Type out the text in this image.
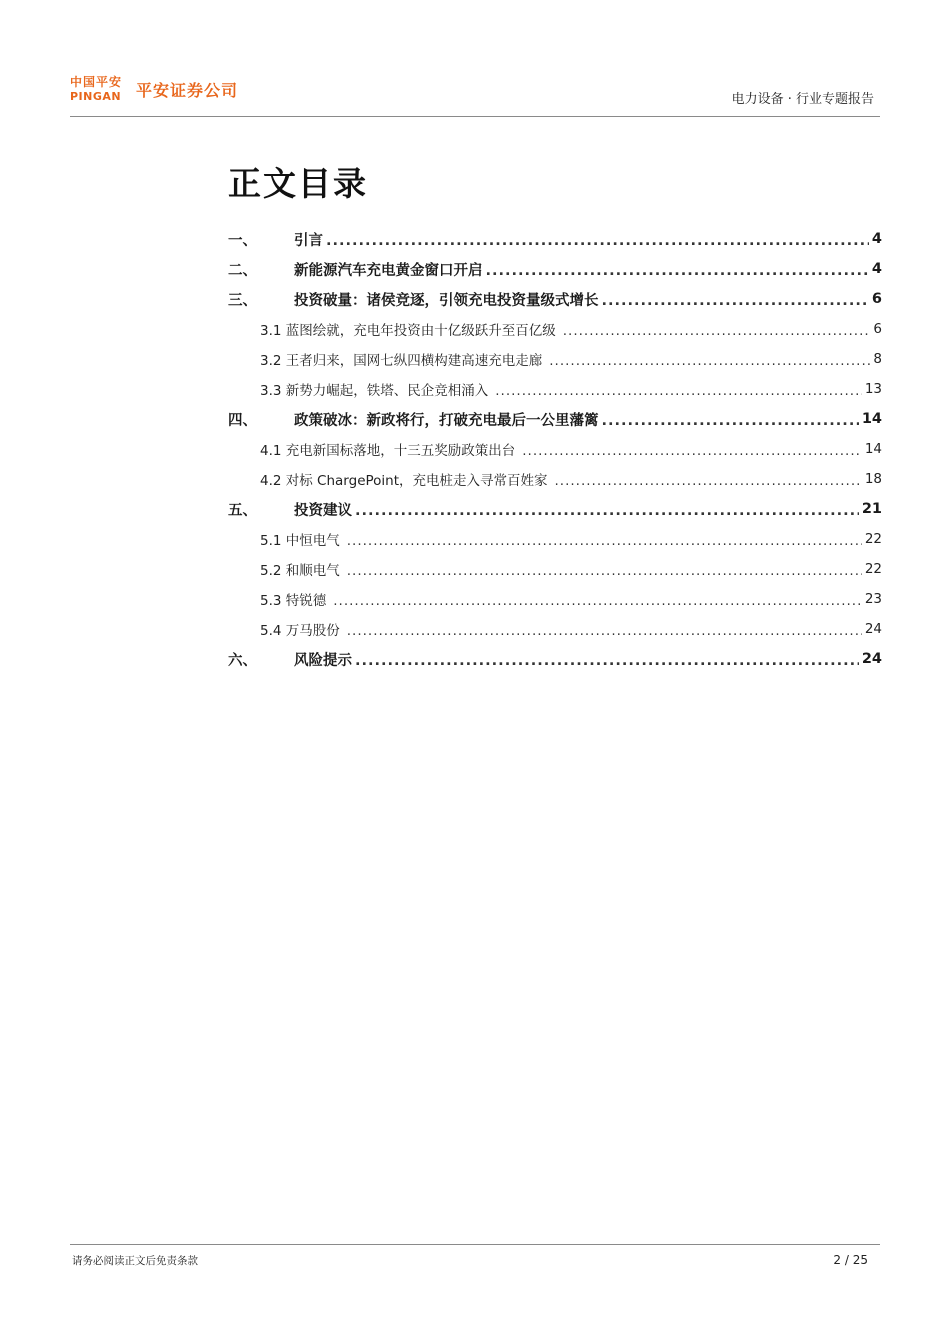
中国平安
PINGAN 平安证券公司	电力设备 · 行业专题报告
正文目录
一、	引言 .....	4
二、	新能源汽车充电黄金窗口开启 .....	4
三、	投资破量：诸侯竞逐，引领充电投资量级式增长 .....	6
3.1 蓝图绘就，充电年投资由十亿级跃升至百亿级 .....	6
3.2 王者归来，国网七纵四横构建高速充电走廊 .....	8
3.3 新势力崛起，铁塔、民企竞相涌入 .....	13
四、	政策破冰：新政将行，打破充电最后一公里藩篱 .....	14
4.1 充电新国标落地，十三五奖励政策出台 .....	14
4.2 对标 ChargePoint，充电桩走入寻常百姓家 .....	18
五、	投资建议 .....	21
5.1 中恒电气 .....	22
5.2 和顺电气 .....	22
5.3 特锐德 .....	23
5.4 万马股份 .....	24
六、	风险提示 .....	24
请务必阅读正文后免责条款	2 / 25
